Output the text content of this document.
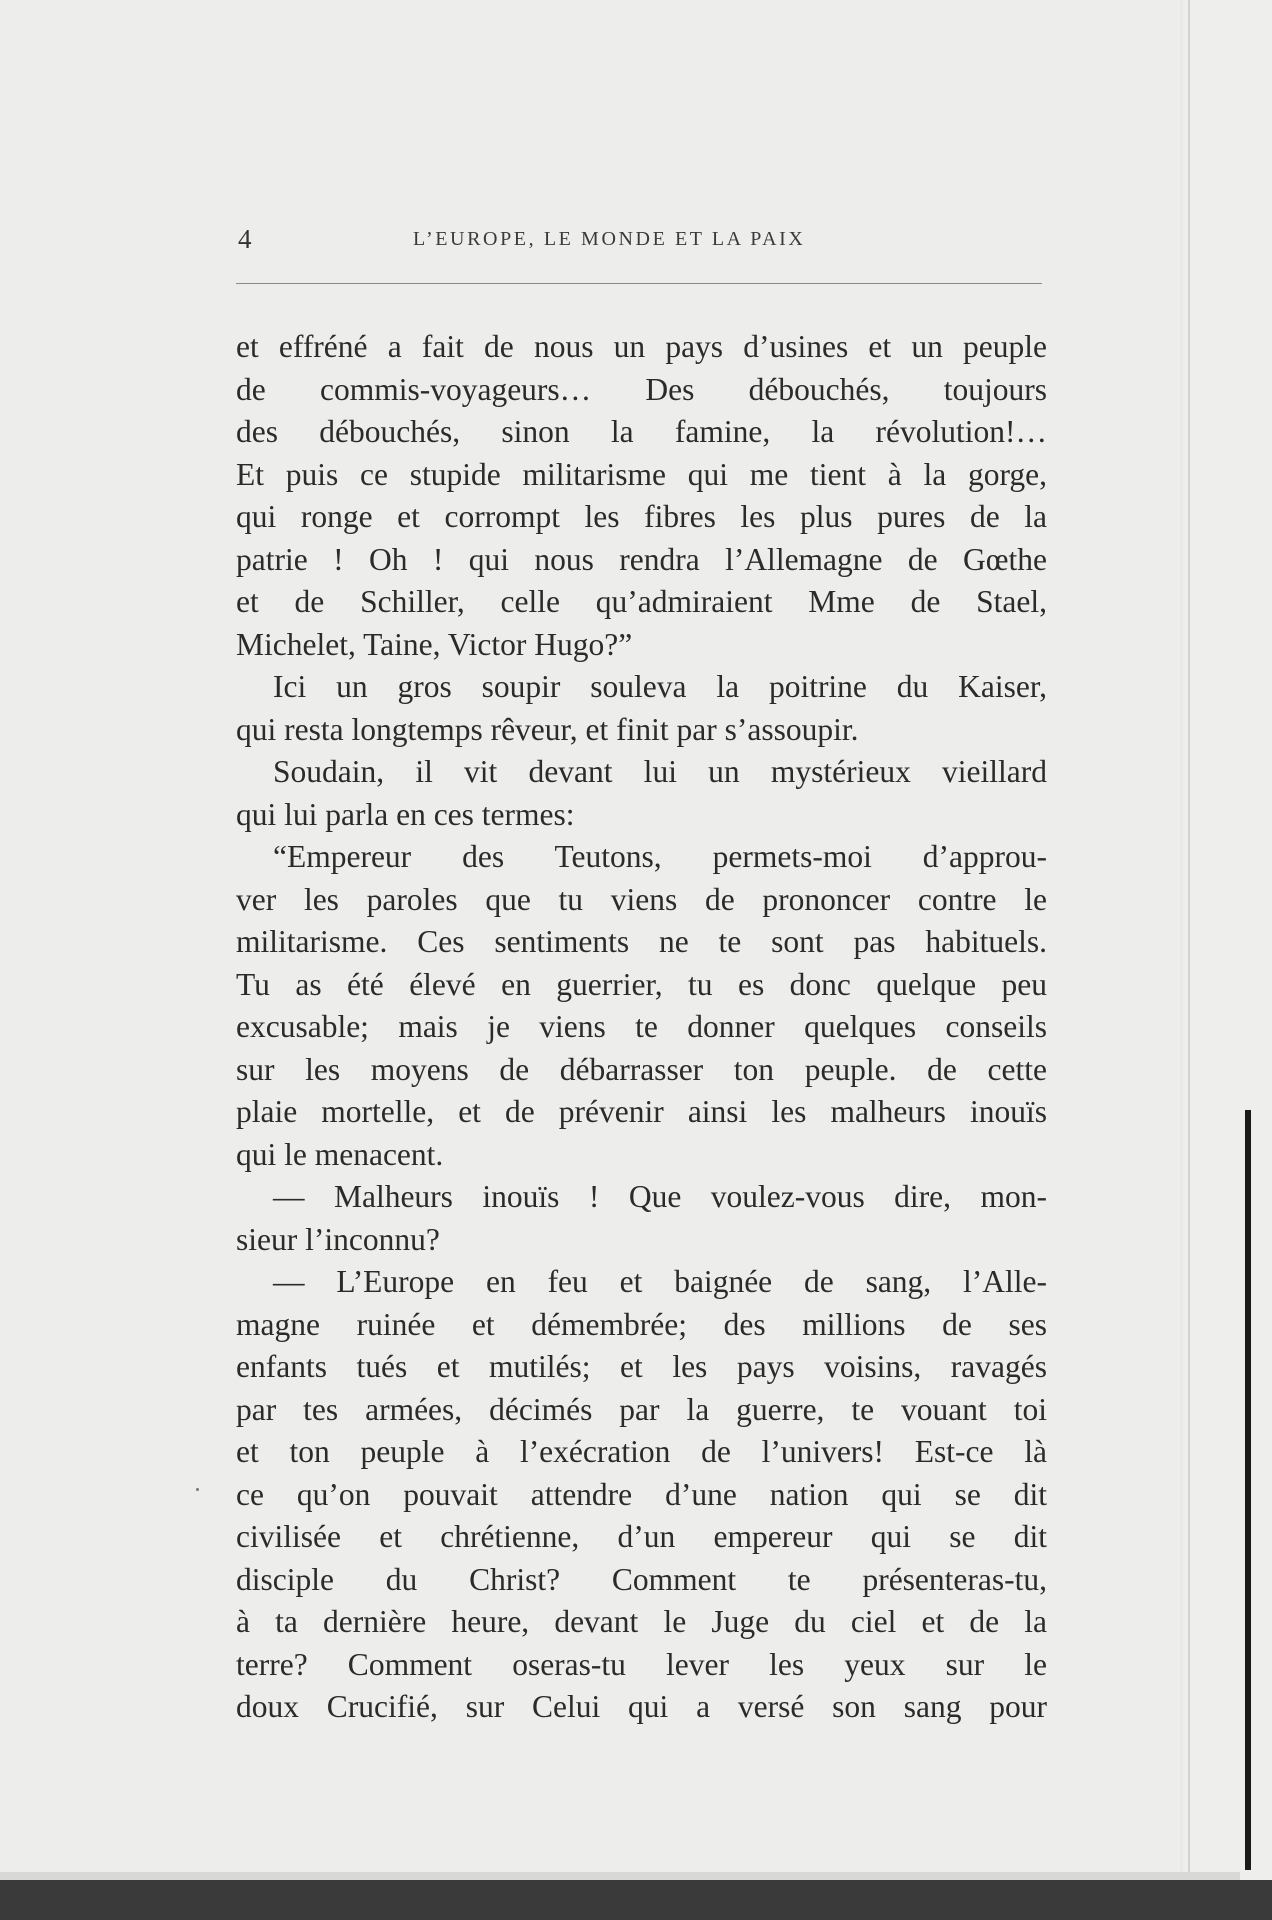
4	L’EUROPE, LE MONDE ET LA PAIX
et effréné a fait de nous un pays d’usines et un peuple
de commis-voyageurs… Des débouchés, toujours
des débouchés, sinon la famine, la révolution!…
Et puis ce stupide militarisme qui me tient à la gorge,
qui ronge et corrompt les fibres les plus pures de la
patrie ! Oh ! qui nous rendra l’Allemagne de Gœthe
et de Schiller, celle qu’admiraient Mme de Stael,
Michelet, Taine, Victor Hugo?”
Ici un gros soupir souleva la poitrine du Kaiser,
qui resta longtemps rêveur, et finit par s’assoupir.
Soudain, il vit devant lui un mystérieux vieillard
qui lui parla en ces termes:
“Empereur des Teutons, permets-moi d’approu-
ver les paroles que tu viens de prononcer contre le
militarisme. Ces sentiments ne te sont pas habituels.
Tu as été élevé en guerrier, tu es donc quelque peu
excusable; mais je viens te donner quelques conseils
sur les moyens de débarrasser ton peuple. de cette
plaie mortelle, et de prévenir ainsi les malheurs inouïs
qui le menacent.
— Malheurs inouïs ! Que voulez-vous dire, mon-
sieur l’inconnu?
— L’Europe en feu et baignée de sang, l’Alle-
magne ruinée et démembrée; des millions de ses
enfants tués et mutilés; et les pays voisins, ravagés
par tes armées, décimés par la guerre, te vouant toi
et ton peuple à l’exécration de l’univers! Est-ce là
ce qu’on pouvait attendre d’une nation qui se dit
civilisée et chrétienne, d’un empereur qui se dit
disciple du Christ? Comment te présenteras-tu,
à ta dernière heure, devant le Juge du ciel et de la
terre? Comment oseras-tu lever les yeux sur le
doux Crucifié, sur Celui qui a versé son sang pour
